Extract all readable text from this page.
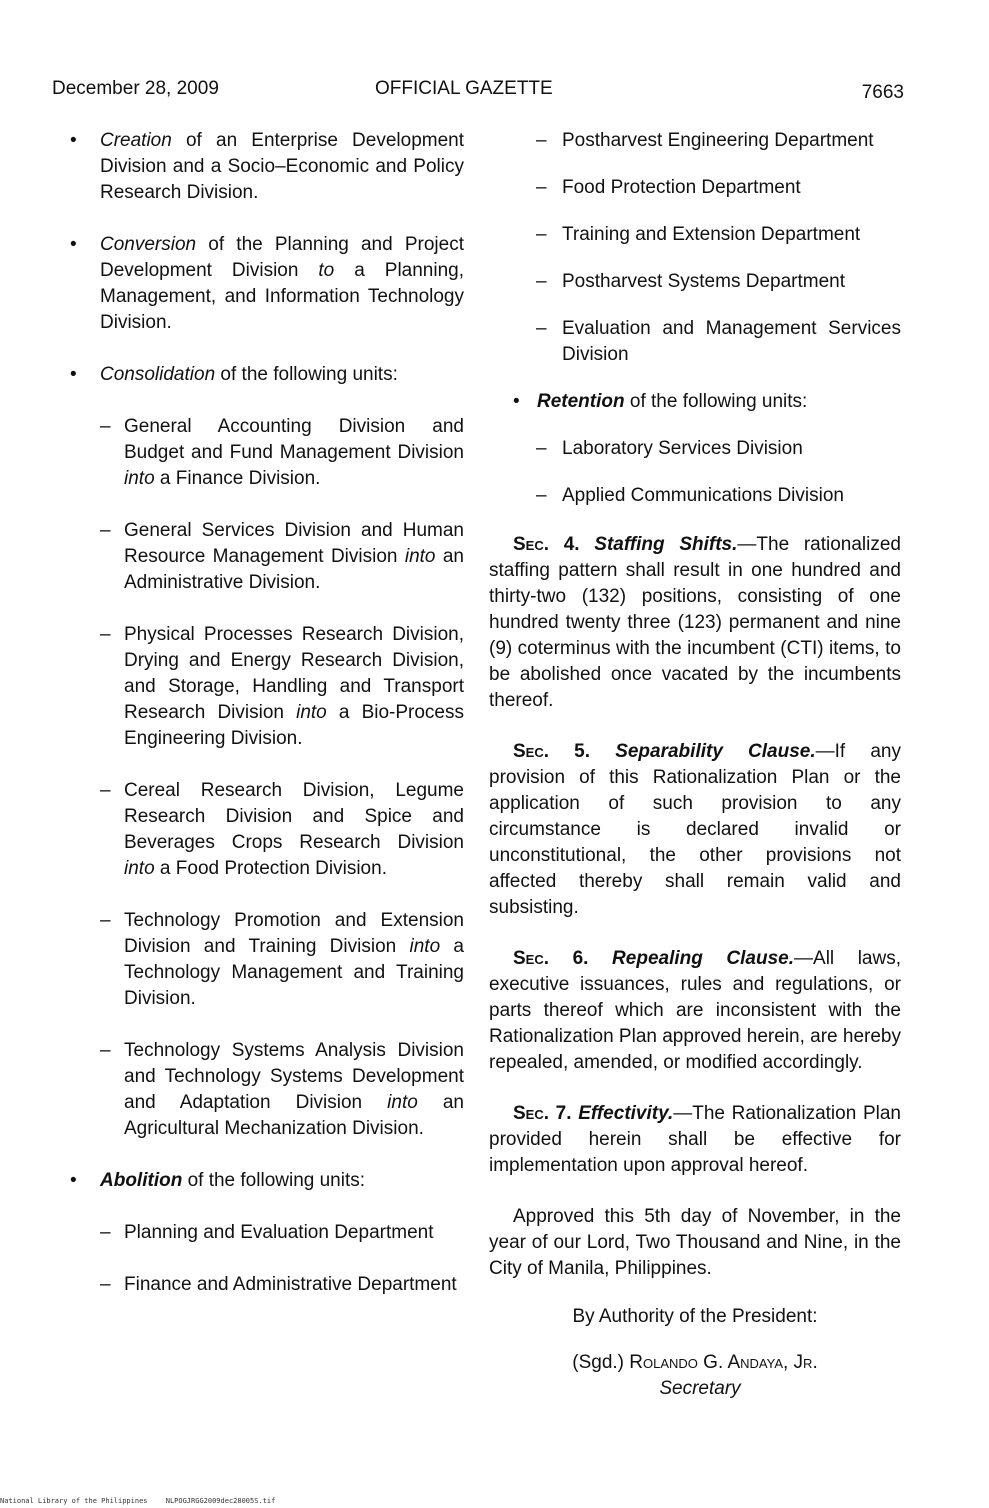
December 28, 2009	OFFICIAL GAZETTE	7663
• Creation of an Enterprise Development Division and a Socio–Economic and Policy Research Division.
• Conversion of the Planning and Project Development Division to a Planning, Management, and Information Technology Division.
• Consolidation of the following units:
– General Accounting Division and Budget and Fund Management Division into a Finance Division.
– General Services Division and Human Resource Management Division into an Administrative Division.
– Physical Processes Research Division, Drying and Energy Research Division, and Storage, Handling and Transport Research Division into a Bio-Process Engineering Division.
– Cereal Research Division, Legume Research Division and Spice and Beverages Crops Research Division into a Food Protection Division.
– Technology Promotion and Extension Division and Training Division into a Technology Management and Training Division.
– Technology Systems Analysis Division and Technology Systems Development and Adaptation Division into an Agricultural Mechanization Division.
• Abolition of the following units:
– Planning and Evaluation Department
– Finance and Administrative Department
– Postharvest Engineering Department
– Food Protection Department
– Training and Extension Department
– Postharvest Systems Department
– Evaluation and Management Services Division
• Retention of the following units:
– Laboratory Services Division
– Applied Communications Division

Sec. 4. Staffing Shifts.—The rationalized staffing pattern shall result in one hundred and thirty-two (132) positions, consisting of one hundred twenty three (123) permanent and nine (9) coterminus with the incumbent (CTI) items, to be abolished once vacated by the incumbents thereof.

Sec. 5. Separability Clause.—If any provision of this Rationalization Plan or the application of such provision to any circumstance is declared invalid or unconstitutional, the other provisions not affected thereby shall remain valid and subsisting.

Sec. 6. Repealing Clause.—All laws, executive issuances, rules and regulations, or parts thereof which are inconsistent with the Rationalization Plan approved herein, are hereby repealed, amended, or modified accordingly.

Sec. 7. Effectivity.—The Rationalization Plan provided herein shall be effective for implementation upon approval hereof.

Approved this 5th day of November, in the year of our Lord, Two Thousand and Nine, in the City of Manila, Philippines.

By Authority of the President:
(Sgd.) Rolando G. Andaya, Jr.
Secretary
National Library of the Philippines	NLPOGJRGG2009dec28005S.tif
